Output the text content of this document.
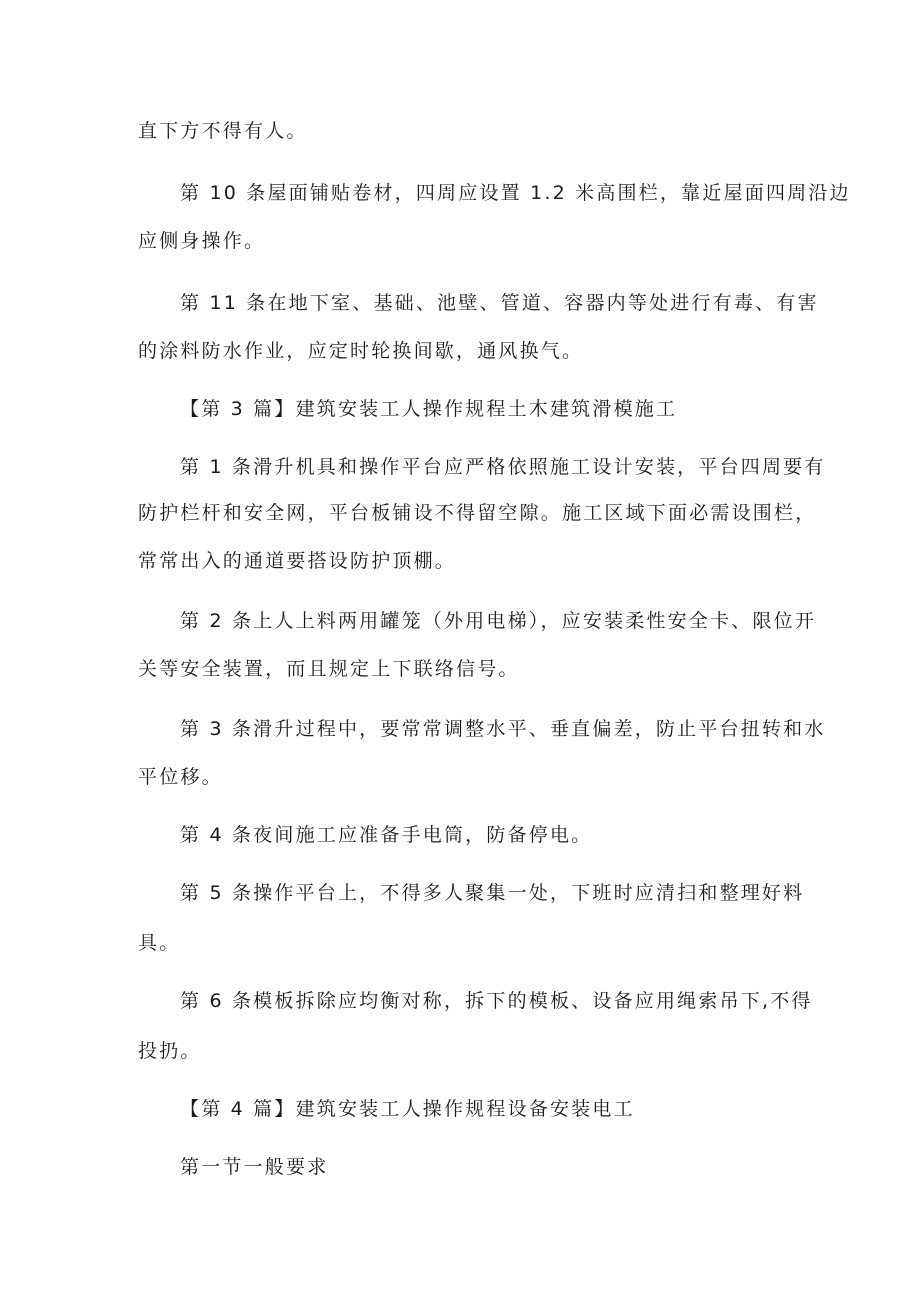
直下方不得有人。
第 10 条屋面铺贴卷材，四周应设置 1.2 米高围栏，靠近屋面四周沿边
应侧身操作。
第 11 条在地下室、基础、池壁、管道、容器内等处进行有毒、有害
的涂料防水作业，应定时轮换间歇，通风换气。
【第 3 篇】建筑安装工人操作规程土木建筑滑模施工
第 1 条滑升机具和操作平台应严格依照施工设计安装，平台四周要有
防护栏杆和安全网，平台板铺设不得留空隙。施工区域下面必需设围栏，
常常出入的通道要搭设防护顶棚。
第 2 条上人上料两用罐笼（外用电梯），应安装柔性安全卡、限位开
关等安全装置，而且规定上下联络信号。
第 3 条滑升过程中，要常常调整水平、垂直偏差，防止平台扭转和水
平位移。
第 4 条夜间施工应准备手电筒，防备停电。
第 5 条操作平台上，不得多人聚集一处，下班时应清扫和整理好料
具。
第 6 条模板拆除应均衡对称，拆下的模板、设备应用绳索吊下,不得
投扔。
【第 4 篇】建筑安装工人操作规程设备安装电工
第一节一般要求
